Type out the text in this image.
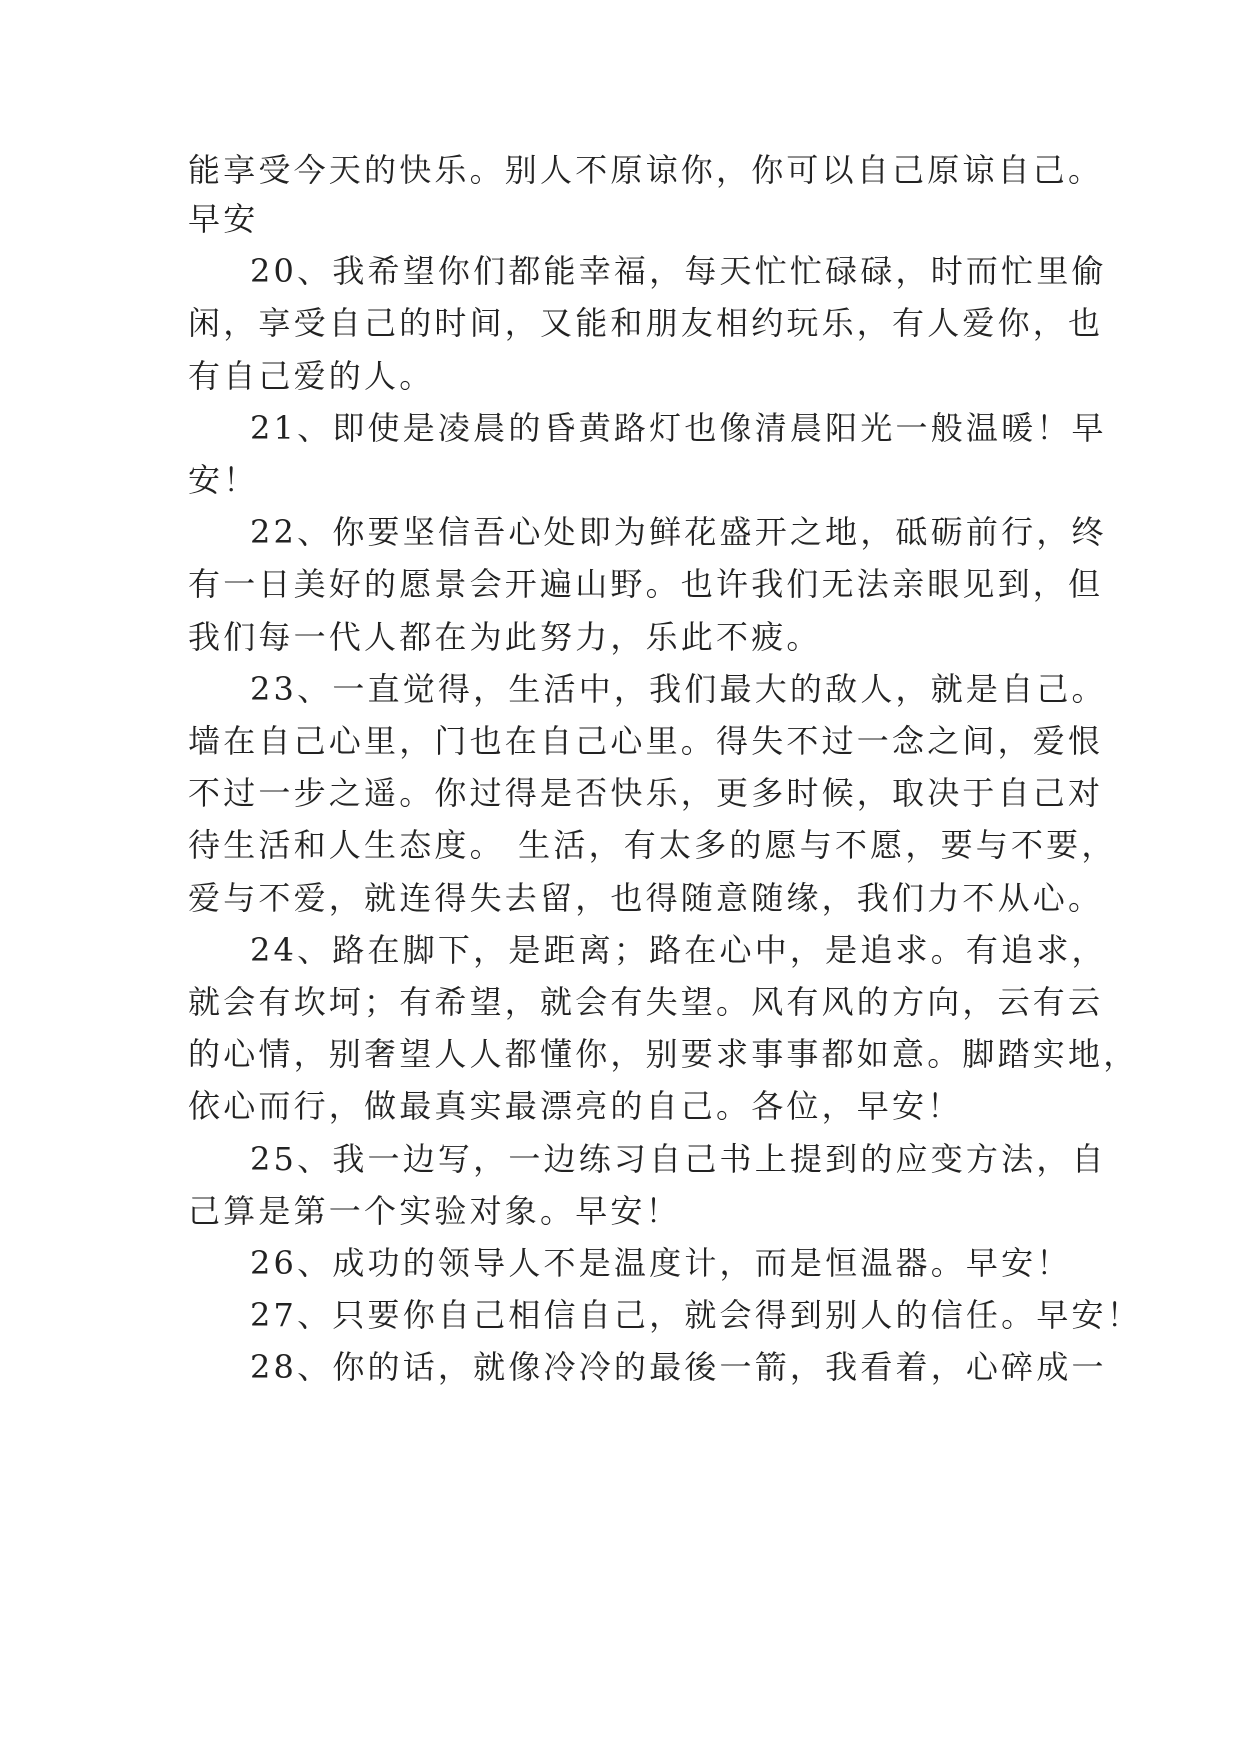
能享受今天的快乐。别人不原谅你，你可以自己原谅自己。
早安
20、我希望你们都能幸福，每天忙忙碌碌，时而忙里偷
闲，享受自己的时间，又能和朋友相约玩乐，有人爱你，也
有自己爱的人。
21、即使是凌晨的昏黄路灯也像清晨阳光一般温暖！早
安！
22、你要坚信吾心处即为鲜花盛开之地，砥砺前行，终
有一日美好的愿景会开遍山野。也许我们无法亲眼见到，但
我们每一代人都在为此努力，乐此不疲。
23、一直觉得，生活中，我们最大的敌人，就是自己。
墙在自己心里，门也在自己心里。得失不过一念之间，爱恨
不过一步之遥。你过得是否快乐，更多时候，取决于自己对
待生活和人生态度。 生活，有太多的愿与不愿，要与不要，
爱与不爱，就连得失去留，也得随意随缘，我们力不从心。
24、路在脚下，是距离；路在心中，是追求。有追求，
就会有坎坷；有希望，就会有失望。风有风的方向，云有云
的心情，别奢望人人都懂你，别要求事事都如意。脚踏实地，
依心而行，做最真实最漂亮的自己。各位，早安！
25、我一边写，一边练习自己书上提到的应变方法，自
己算是第一个实验对象。早安！
26、成功的领导人不是温度计，而是恒温器。早安！
27、只要你自己相信自己，就会得到别人的信任。早安！
28、你的话，就像冷冷的最後一箭，我看着，心碎成一
